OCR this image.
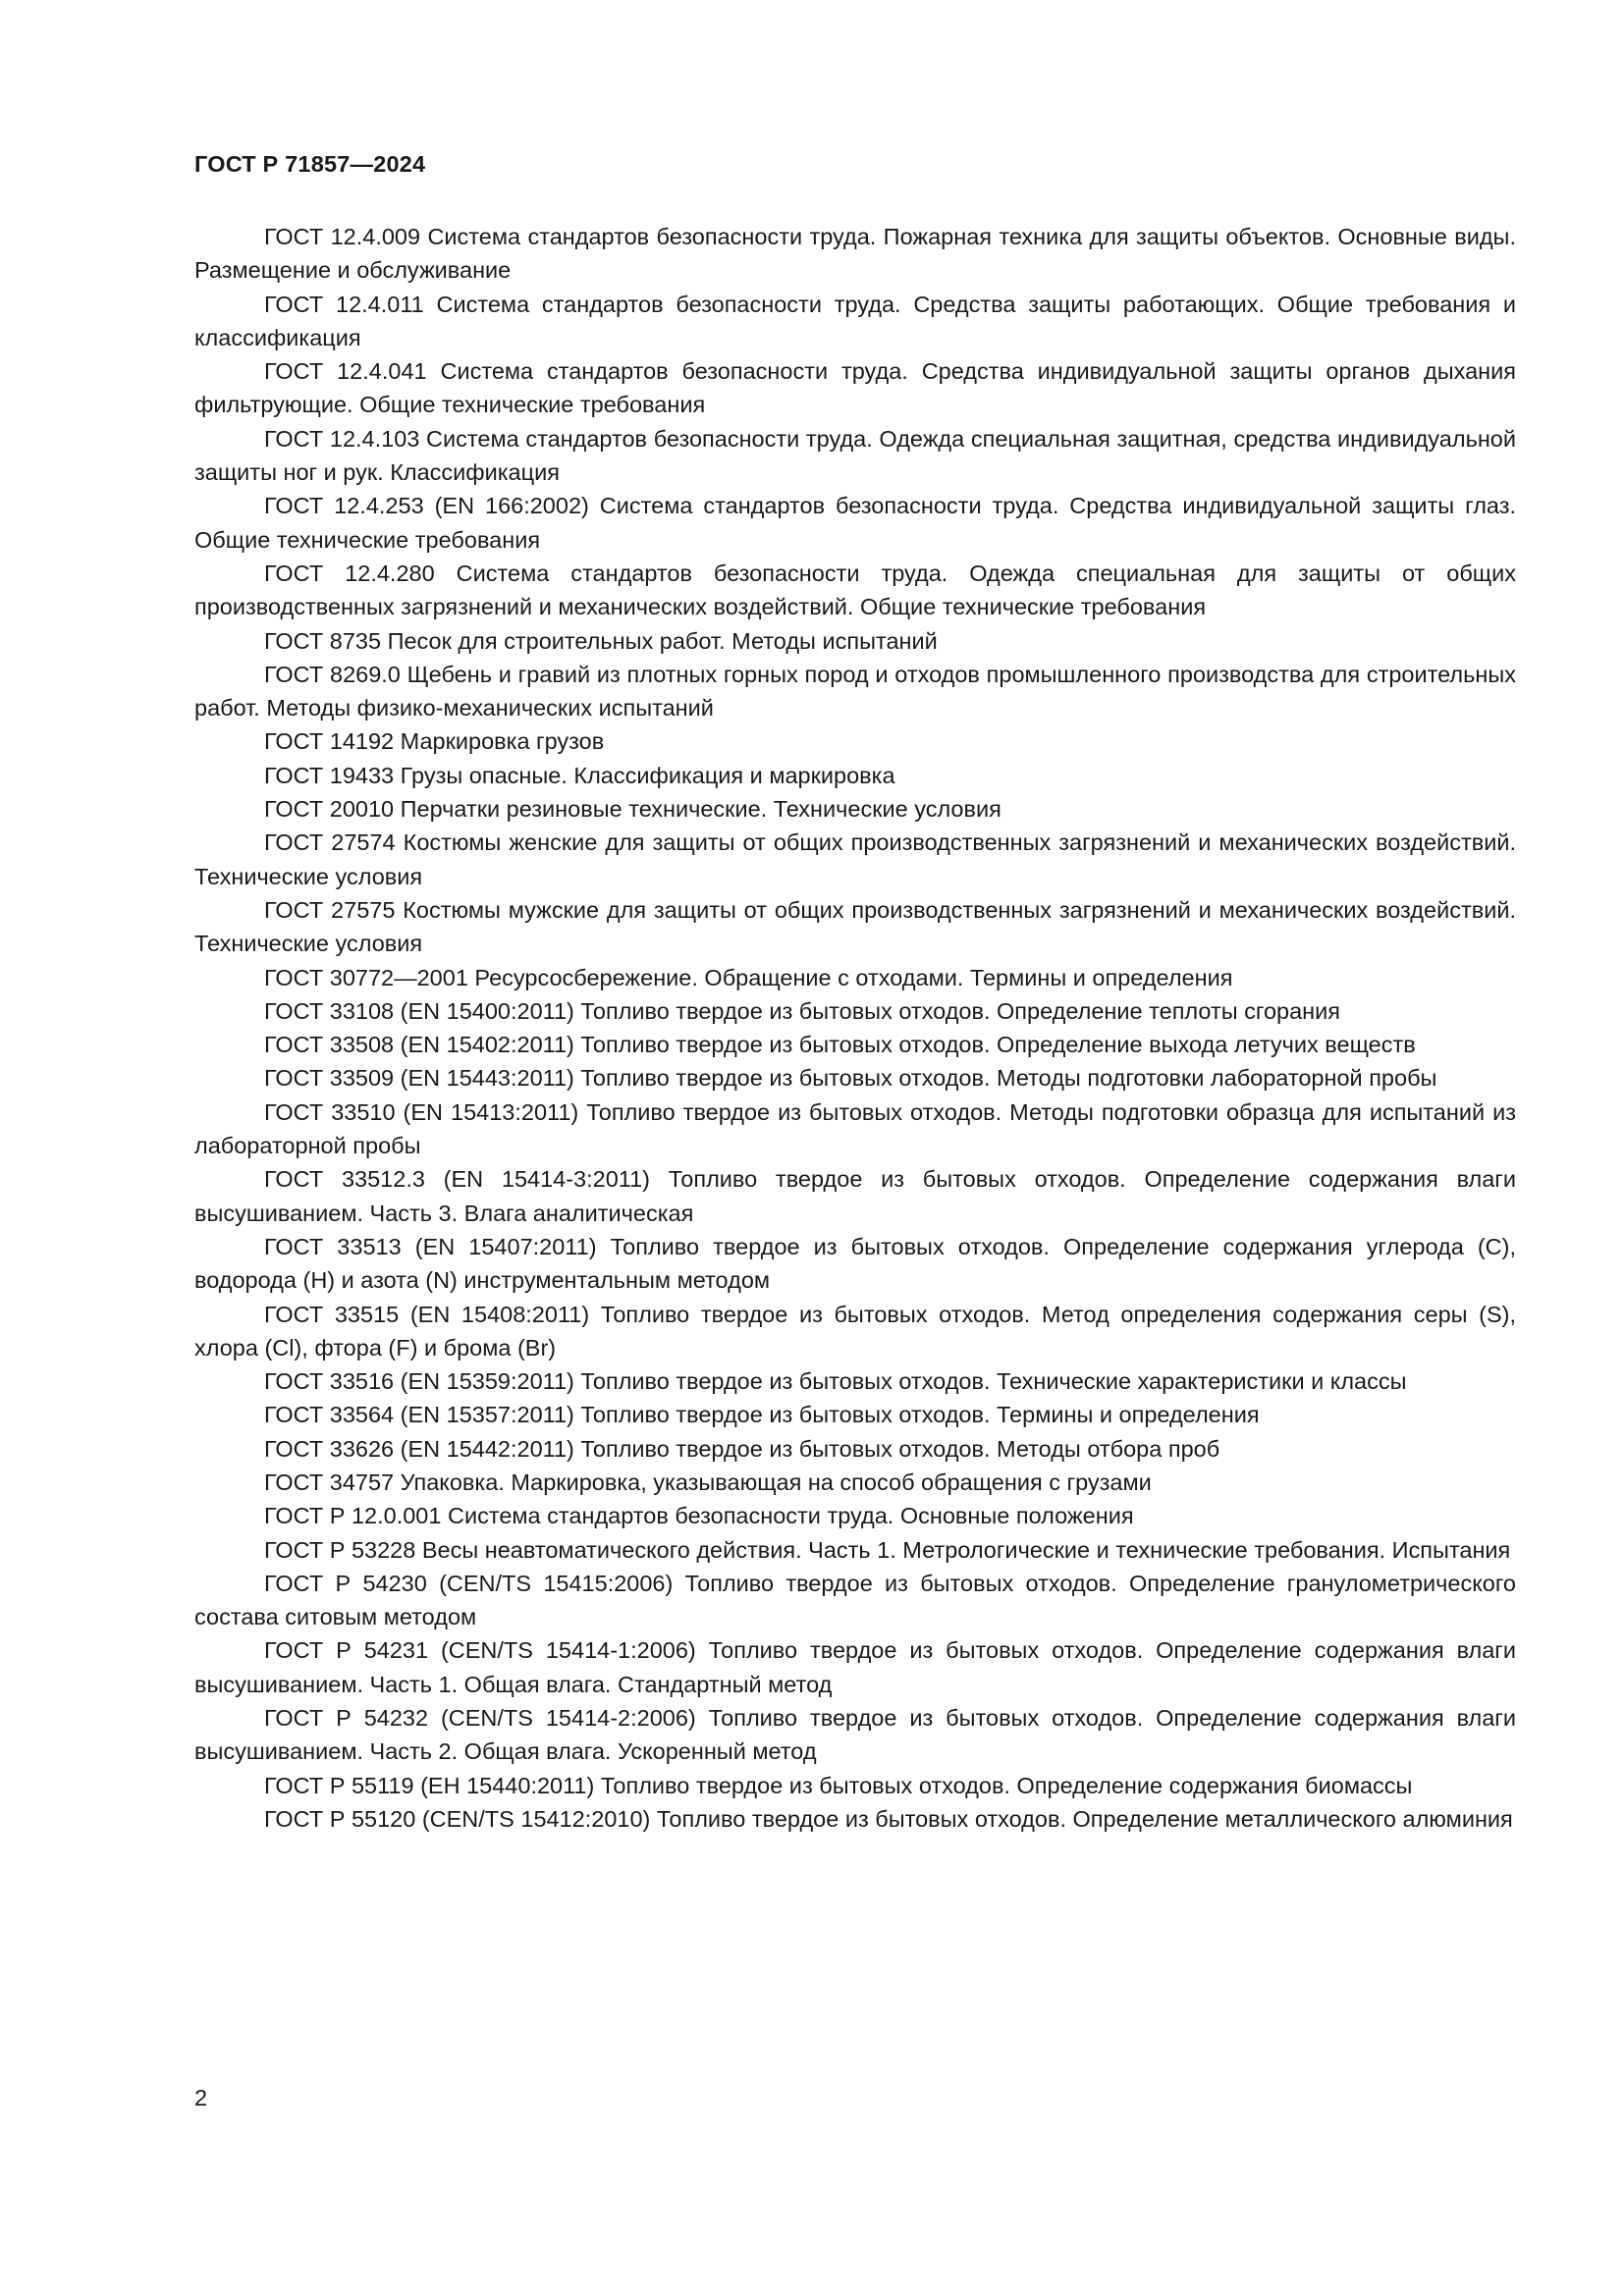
ГОСТ Р 71857—2024
ГОСТ 12.4.009 Система стандартов безопасности труда. Пожарная техника для защиты объектов. Основные виды. Размещение и обслуживание
ГОСТ 12.4.011 Система стандартов безопасности труда. Средства защиты работающих. Общие требования и классификация
ГОСТ 12.4.041 Система стандартов безопасности труда. Средства индивидуальной защиты органов дыхания фильтрующие. Общие технические требования
ГОСТ 12.4.103 Система стандартов безопасности труда. Одежда специальная защитная, средства индивидуальной защиты ног и рук. Классификация
ГОСТ 12.4.253 (EN 166:2002) Система стандартов безопасности труда. Средства индивидуальной защиты глаз. Общие технические требования
ГОСТ 12.4.280 Система стандартов безопасности труда. Одежда специальная для защиты от общих производственных загрязнений и механических воздействий. Общие технические требования
ГОСТ 8735 Песок для строительных работ. Методы испытаний
ГОСТ 8269.0 Щебень и гравий из плотных горных пород и отходов промышленного производства для строительных работ. Методы физико-механических испытаний
ГОСТ 14192 Маркировка грузов
ГОСТ 19433 Грузы опасные. Классификация и маркировка
ГОСТ 20010 Перчатки резиновые технические. Технические условия
ГОСТ 27574 Костюмы женские для защиты от общих производственных загрязнений и механических воздействий. Технические условия
ГОСТ 27575 Костюмы мужские для защиты от общих производственных загрязнений и механических воздействий. Технические условия
ГОСТ 30772—2001 Ресурсосбережение. Обращение с отходами. Термины и определения
ГОСТ 33108 (EN 15400:2011) Топливо твердое из бытовых отходов. Определение теплоты сгорания
ГОСТ 33508 (EN 15402:2011) Топливо твердое из бытовых отходов. Определение выхода летучих веществ
ГОСТ 33509 (EN 15443:2011) Топливо твердое из бытовых отходов. Методы подготовки лабораторной пробы
ГОСТ 33510 (EN 15413:2011) Топливо твердое из бытовых отходов. Методы подготовки образца для испытаний из лабораторной пробы
ГОСТ 33512.3 (EN 15414-3:2011) Топливо твердое из бытовых отходов. Определение содержания влаги высушиванием. Часть 3. Влага аналитическая
ГОСТ 33513 (EN 15407:2011) Топливо твердое из бытовых отходов. Определение содержания углерода (C), водорода (H) и азота (N) инструментальным методом
ГОСТ 33515 (EN 15408:2011) Топливо твердое из бытовых отходов. Метод определения содержания серы (S), хлора (Cl), фтора (F) и брома (Br)
ГОСТ 33516 (EN 15359:2011) Топливо твердое из бытовых отходов. Технические характеристики и классы
ГОСТ 33564 (EN 15357:2011) Топливо твердое из бытовых отходов. Термины и определения
ГОСТ 33626 (EN 15442:2011) Топливо твердое из бытовых отходов. Методы отбора проб
ГОСТ 34757 Упаковка. Маркировка, указывающая на способ обращения с грузами
ГОСТ Р 12.0.001 Система стандартов безопасности труда. Основные положения
ГОСТ Р 53228 Весы неавтоматического действия. Часть 1. Метрологические и технические требования. Испытания
ГОСТ Р 54230 (CEN/TS 15415:2006) Топливо твердое из бытовых отходов. Определение гранулометрического состава ситовым методом
ГОСТ Р 54231 (CEN/TS 15414-1:2006) Топливо твердое из бытовых отходов. Определение содержания влаги высушиванием. Часть 1. Общая влага. Стандартный метод
ГОСТ Р 54232 (CEN/TS 15414-2:2006) Топливо твердое из бытовых отходов. Определение содержания влаги высушиванием. Часть 2. Общая влага. Ускоренный метод
ГОСТ Р 55119 (ЕН 15440:2011) Топливо твердое из бытовых отходов. Определение содержания биомассы
ГОСТ Р 55120 (CEN/TS 15412:2010) Топливо твердое из бытовых отходов. Определение металлического алюминия
2
